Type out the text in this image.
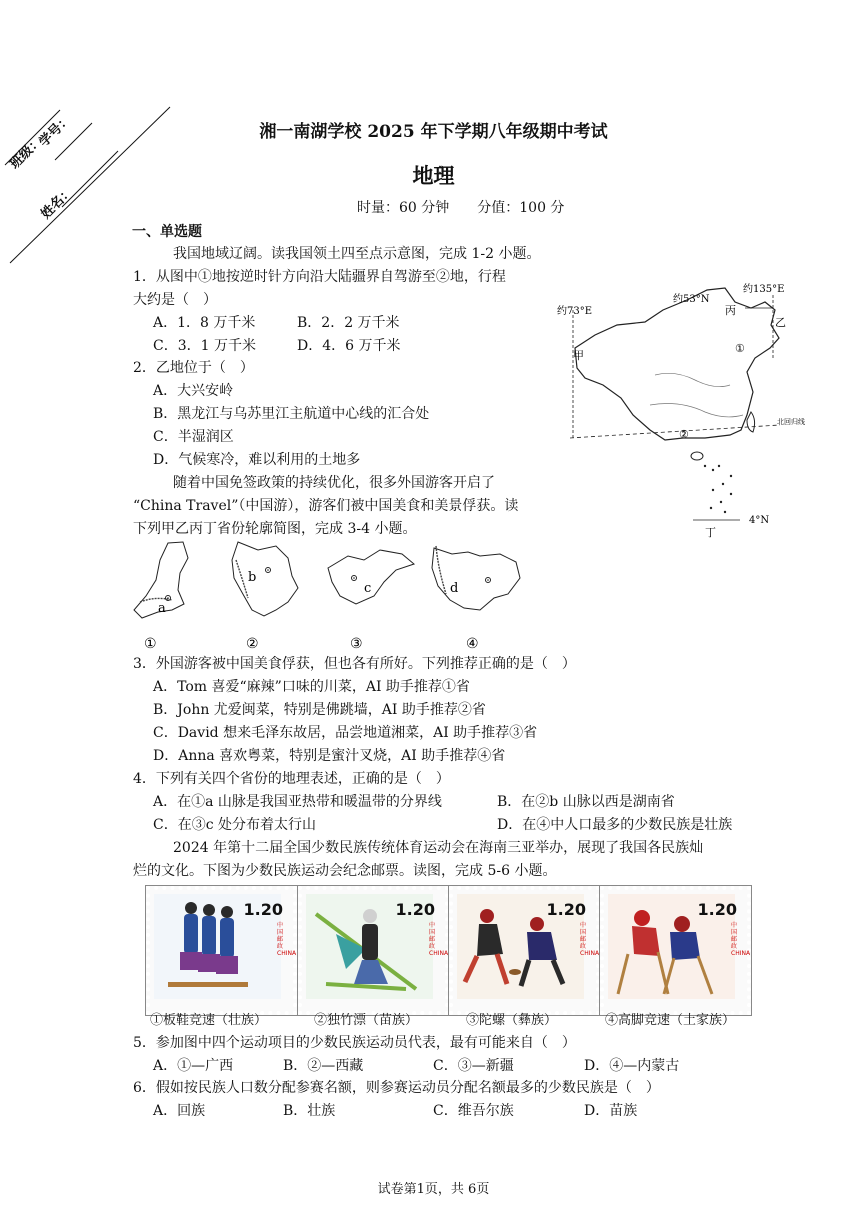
班级：
学号：
姓名：
湘一南湖学校 2025 年下学期八年级期中考试
地理
时量：60 分钟　　分值：100 分
一、单选题
我国地域辽阔。读我国领土四至点示意图，完成 1-2 小题。
1．从图中①地按逆时针方向沿大陆疆界自驾游至②地，行程
大约是（　）
A．1．8 万千米	B．2．2 万千米
C．3．1 万千米	D．4．6 万千米
2．乙地位于（　）
A．大兴安岭
B．黑龙江与乌苏里江主航道中心线的汇合处
C．半湿润区
D．气候寒冷，难以利用的土地多
随着中国免签政策的持续优化，很多外国游客开启了
“China Travel”（中国游），游客们被中国美食和美景俘获。读
下列甲乙丙丁省份轮廓简图，完成 3-4 小题。
约53°N
约135°E
约73°E
4°N
北回归线
甲
乙
丙
丁
①
②
a
b
c	d
①	②	③	④
3．外国游客被中国美食俘获，但也各有所好。下列推荐正确的是（　）
A．Tom 喜爱“麻辣”口味的川菜，AI 助手推荐①省
B．John 尤爱闽菜，特别是佛跳墙，AI 助手推荐②省
C．David 想来毛泽东故居，品尝地道湘菜，AI 助手推荐③省
D．Anna 喜欢粤菜，特别是蜜汁叉烧，AI 助手推荐④省
4．下列有关四个省份的地理表述，正确的是（　）
A．在①a 山脉是我国亚热带和暖温带的分界线	B．在②b 山脉以西是湖南省
C．在③c 处分布着太行山	D．在④中人口最多的少数民族是壮族
2024 年第十二届全国少数民族传统体育运动会在海南三亚举办，展现了我国各民族灿
烂的文化。下图为少数民族运动会纪念邮票。读图，完成 5-6 小题。
1.20
中国邮政 CHINA
1.20
中国邮政 CHINA
1.20
中国邮政 CHINA
1.20
中国邮政 CHINA
①板鞋竞速（壮族）	②独竹漂（苗族）	③陀螺（彝族）	④高脚竞速（土家族）
5．参加图中四个运动项目的少数民族运动员代表，最有可能来自（　）
A．①—广西	B．②—西藏	C．③—新疆	D．④—内蒙古
6．假如按民族人口数分配参赛名额，则参赛运动员分配名额最多的少数民族是（　）
A．回族	B．壮族	C．维吾尔族	D．苗族
试卷第1页，共 6页
